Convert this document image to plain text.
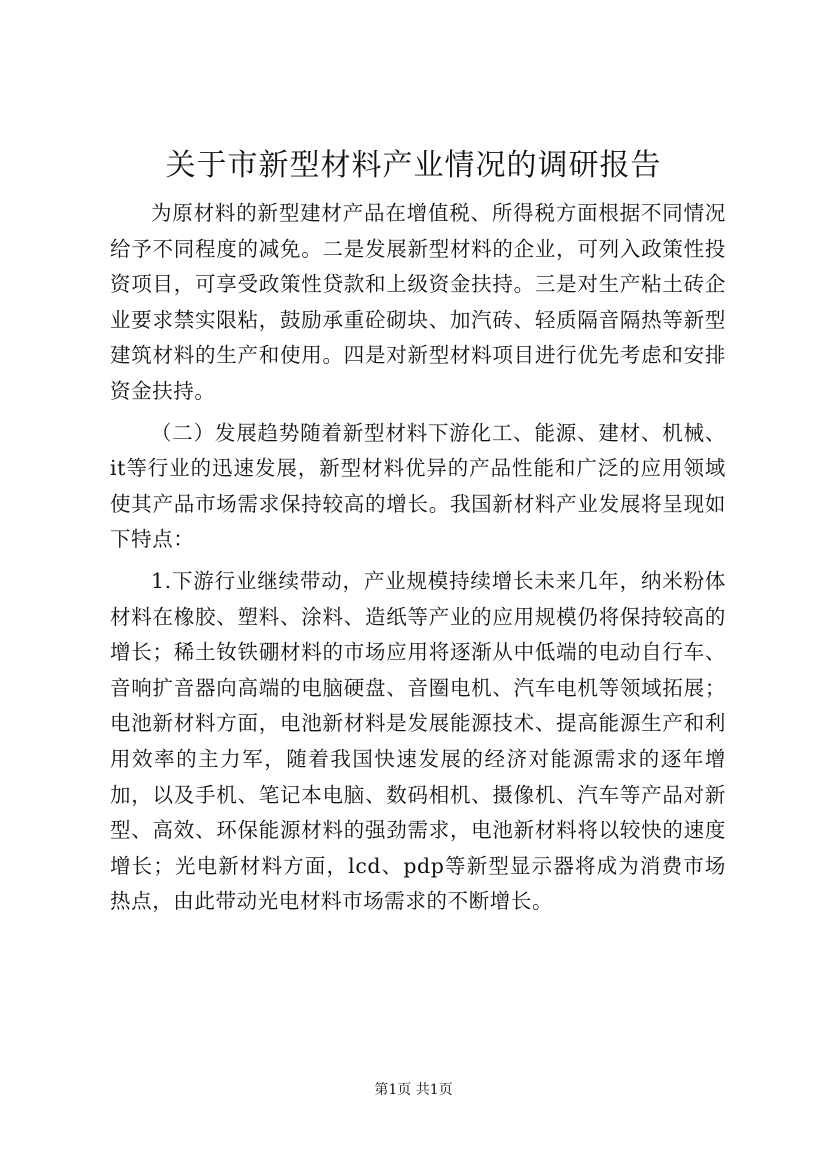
关于市新型材料产业情况的调研报告

为原材料的新型建材产品在增值税、所得税方面根据不同情况给予不同程度的减免。二是发展新型材料的企业，可列入政策性投资项目，可享受政策性贷款和上级资金扶持。三是对生产粘土砖企业要求禁实限粘，鼓励承重砼砌块、加汽砖、轻质隔音隔热等新型建筑材料的生产和使用。四是对新型材料项目进行优先考虑和安排资金扶持。

（二）发展趋势随着新型材料下游化工、能源、建材、机械、it等行业的迅速发展，新型材料优异的产品性能和广泛的应用领域使其产品市场需求保持较高的增长。我国新材料产业发展将呈现如下特点：

1.下游行业继续带动，产业规模持续增长未来几年，纳米粉体材料在橡胶、塑料、涂料、造纸等产业的应用规模仍将保持较高的增长；稀土钕铁硼材料的市场应用将逐渐从中低端的电动自行车、音响扩音器向高端的电脑硬盘、音圈电机、汽车电机等领域拓展；电池新材料方面，电池新材料是发展能源技术、提高能源生产和利用效率的主力军，随着我国快速发展的经济对能源需求的逐年增加，以及手机、笔记本电脑、数码相机、摄像机、汽车等产品对新型、高效、环保能源材料的强劲需求，电池新材料将以较快的速度增长；光电新材料方面，lcd、pdp等新型显示器将成为消费市场热点，由此带动光电材料市场需求的不断增长。

第1页 共1页
